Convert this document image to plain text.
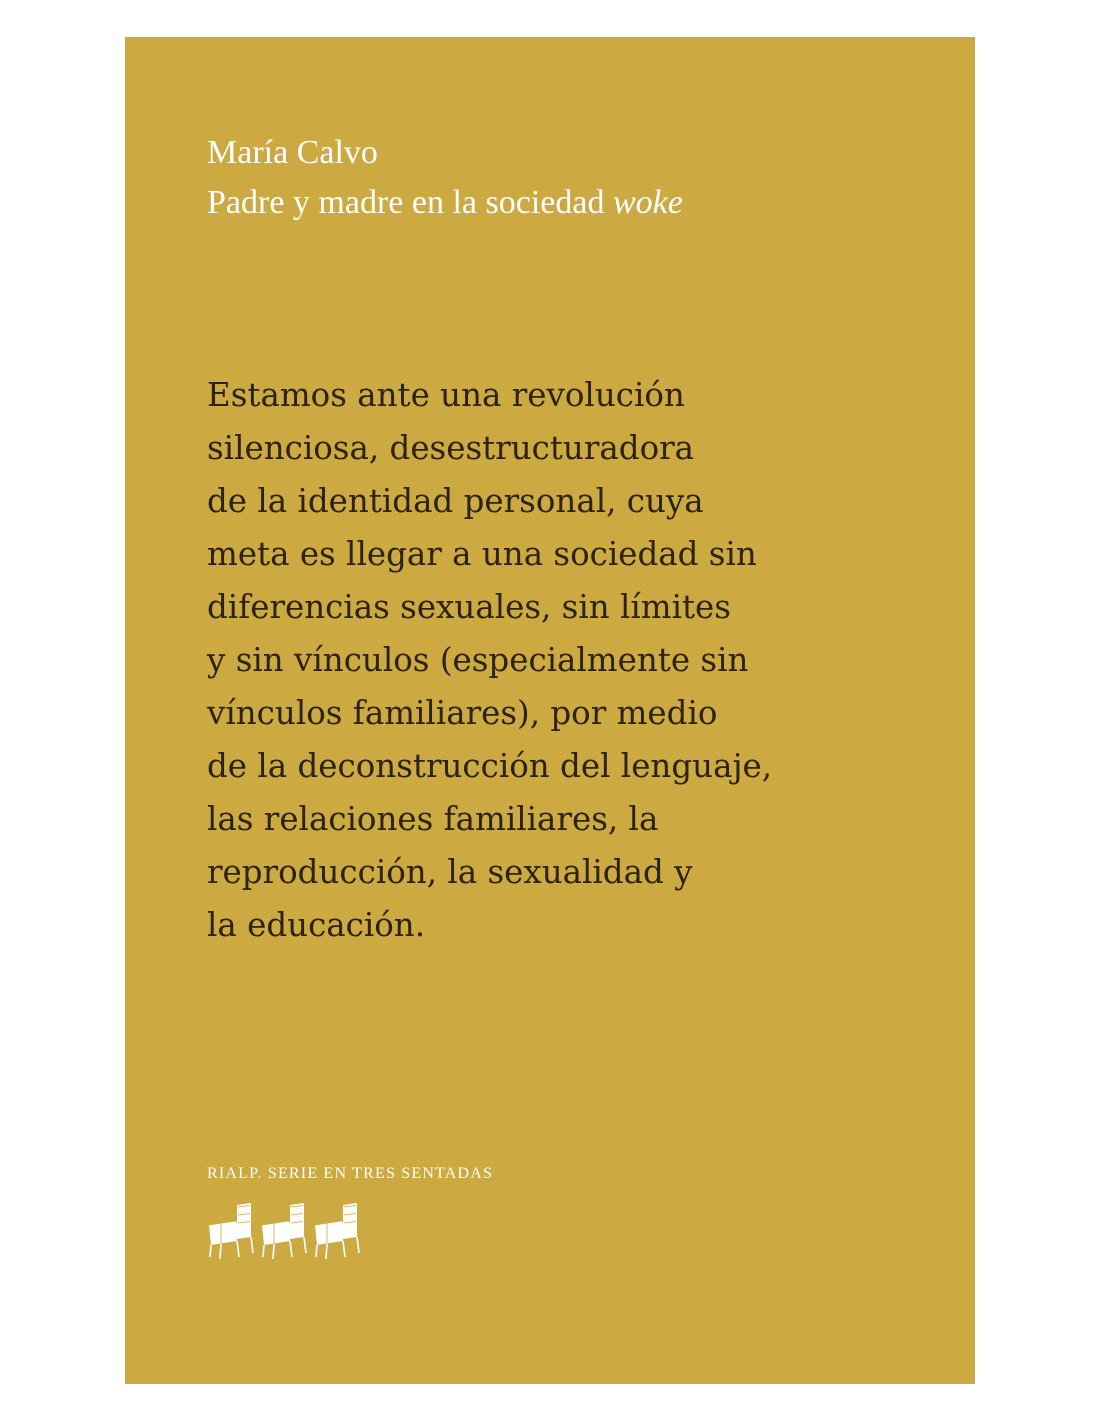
María Calvo
Padre y madre en la sociedad woke
Estamos ante una revolución
silenciosa, desestructuradora
de la identidad personal, cuya
meta es llegar a una sociedad sin
diferencias sexuales, sin límites
y sin vínculos (especialmente sin
vínculos familiares), por medio
de la deconstrucción del lenguaje,
las relaciones familiares, la
reproducción, la sexualidad y
la educación.
RIALP. SERIE EN TRES SENTADAS
